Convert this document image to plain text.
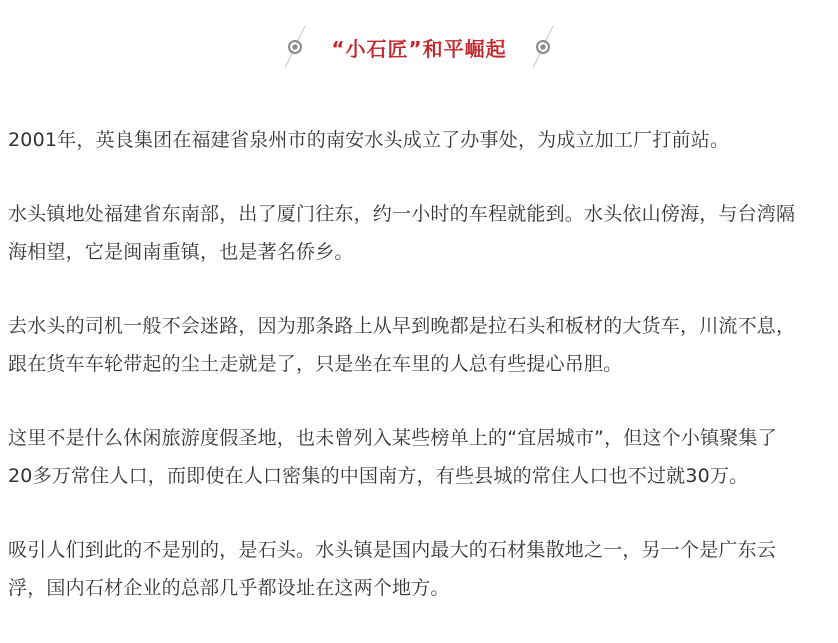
“小石匠”和平崛起

2001年，英良集团在福建省泉州市的南安水头成立了办事处，为成立加工厂打前站。

水头镇地处福建省东南部，出了厦门往东，约一小时的车程就能到。水头依山傍海，与台湾隔
海相望，它是闽南重镇，也是著名侨乡。

去水头的司机一般不会迷路，因为那条路上从早到晚都是拉石头和板材的大货车，川流不息，
跟在货车车轮带起的尘土走就是了，只是坐在车里的人总有些提心吊胆。

这里不是什么休闲旅游度假圣地，也未曾列入某些榜单上的“宜居城市”，但这个小镇聚集了
20多万常住人口，而即使在人口密集的中国南方，有些县城的常住人口也不过就30万。

吸引人们到此的不是别的，是石头。水头镇是国内最大的石材集散地之一，另一个是广东云
浮，国内石材企业的总部几乎都设址在这两个地方。
